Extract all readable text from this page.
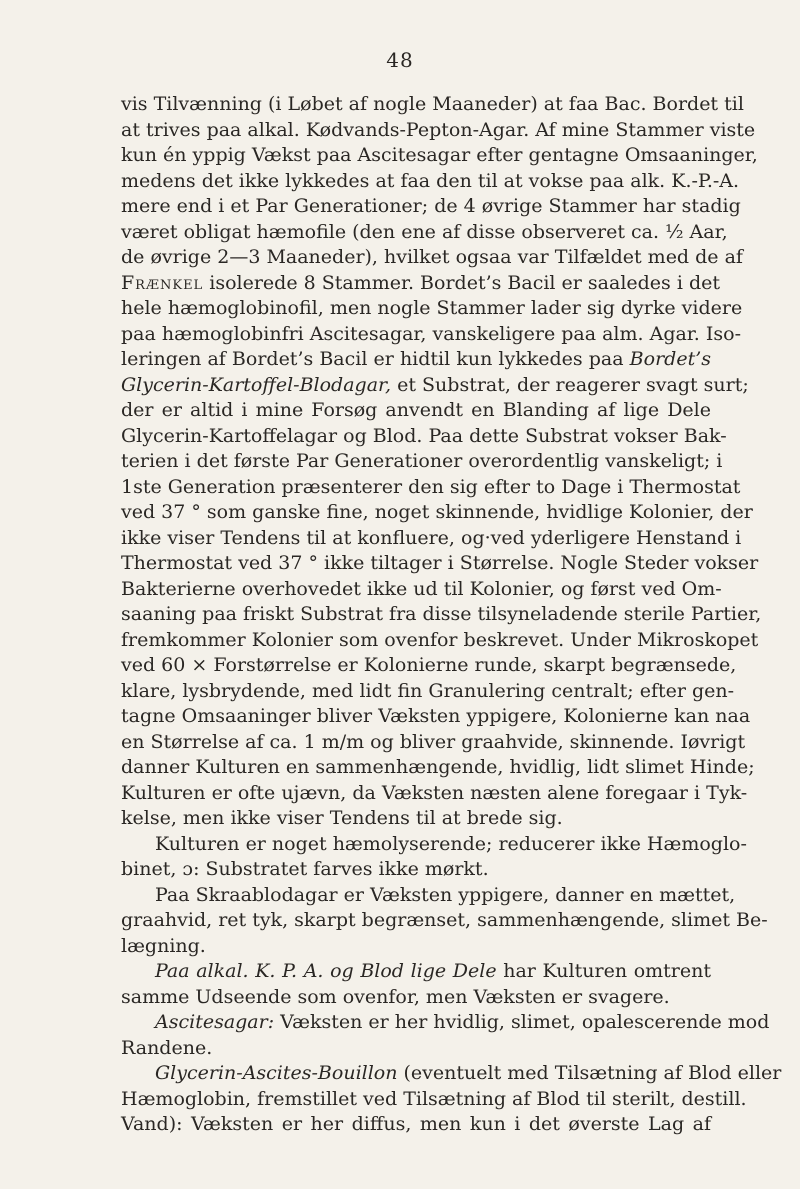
48
vis Tilvænning (i Løbet af nogle Maaneder) at faa Bac. Bordet til
at trives paa alkal. Kødvands-Pepton-Agar. Af mine Stammer viste
kun én yppig Vækst paa Ascitesagar efter gentagne Omsaaninger,
medens det ikke lykkedes at faa den til at vokse paa alk. K.-P.-A.
mere end i et Par Generationer; de 4 øvrige Stammer har stadig
været obligat hæmofile (den ene af disse observeret ca. ½ Aar,
de øvrige 2—3 Maaneder), hvilket ogsaa var Tilfældet med de af
Frænkel isolerede 8 Stammer. Bordet’s Bacil er saaledes i det
hele hæmoglobinofil, men nogle Stammer lader sig dyrke videre
paa hæmoglobinfri Ascitesagar, vanskeligere paa alm. Agar. Iso-
leringen af Bordet’s Bacil er hidtil kun lykkedes paa Bordet’s
Glycerin-Kartoffel-Blodagar, et Substrat, der reagerer svagt surt;
der er altid i mine Forsøg anvendt en Blanding af lige Dele
Glycerin-Kartoffelagar og Blod. Paa dette Substrat vokser Bak-
terien i det første Par Generationer overordentlig vanskeligt; i
1ste Generation præsenterer den sig efter to Dage i Thermostat
ved 37 ° som ganske fine, noget skinnende, hvidlige Kolonier, der
ikke viser Tendens til at konfluere, og·ved yderligere Henstand i
Thermostat ved 37 ° ikke tiltager i Størrelse. Nogle Steder vokser
Bakterierne overhovedet ikke ud til Kolonier, og først ved Om-
saaning paa friskt Substrat fra disse tilsyneladende sterile Partier,
fremkommer Kolonier som ovenfor beskrevet. Under Mikroskopet
ved 60 × Forstørrelse er Kolonierne runde, skarpt begrænsede,
klare, lysbrydende, med lidt fin Granulering centralt; efter gen-
tagne Omsaaninger bliver Væksten yppigere, Kolonierne kan naa
en Størrelse af ca. 1 m/m og bliver graahvide, skinnende. Iøvrigt
danner Kulturen en sammenhængende, hvidlig, lidt slimet Hinde;
Kulturen er ofte ujævn, da Væksten næsten alene foregaar i Tyk-
kelse, men ikke viser Tendens til at brede sig.
Kulturen er noget hæmolyserende; reducerer ikke Hæmoglo-
binet, ɔ: Substratet farves ikke mørkt.
Paa Skraablodagar er Væksten yppigere, danner en mættet,
graahvid, ret tyk, skarpt begrænset, sammenhængende, slimet Be-
lægning.
Paa alkal. K. P. A. og Blod lige Dele har Kulturen omtrent
samme Udseende som ovenfor, men Væksten er svagere.
Ascitesagar: Væksten er her hvidlig, slimet, opalescerende mod
Randene.
Glycerin-Ascites-Bouillon (eventuelt med Tilsætning af Blod eller
Hæmoglobin, fremstillet ved Tilsætning af Blod til sterilt, destill.
Vand): Væksten er her diffus, men kun i det øverste Lag af
